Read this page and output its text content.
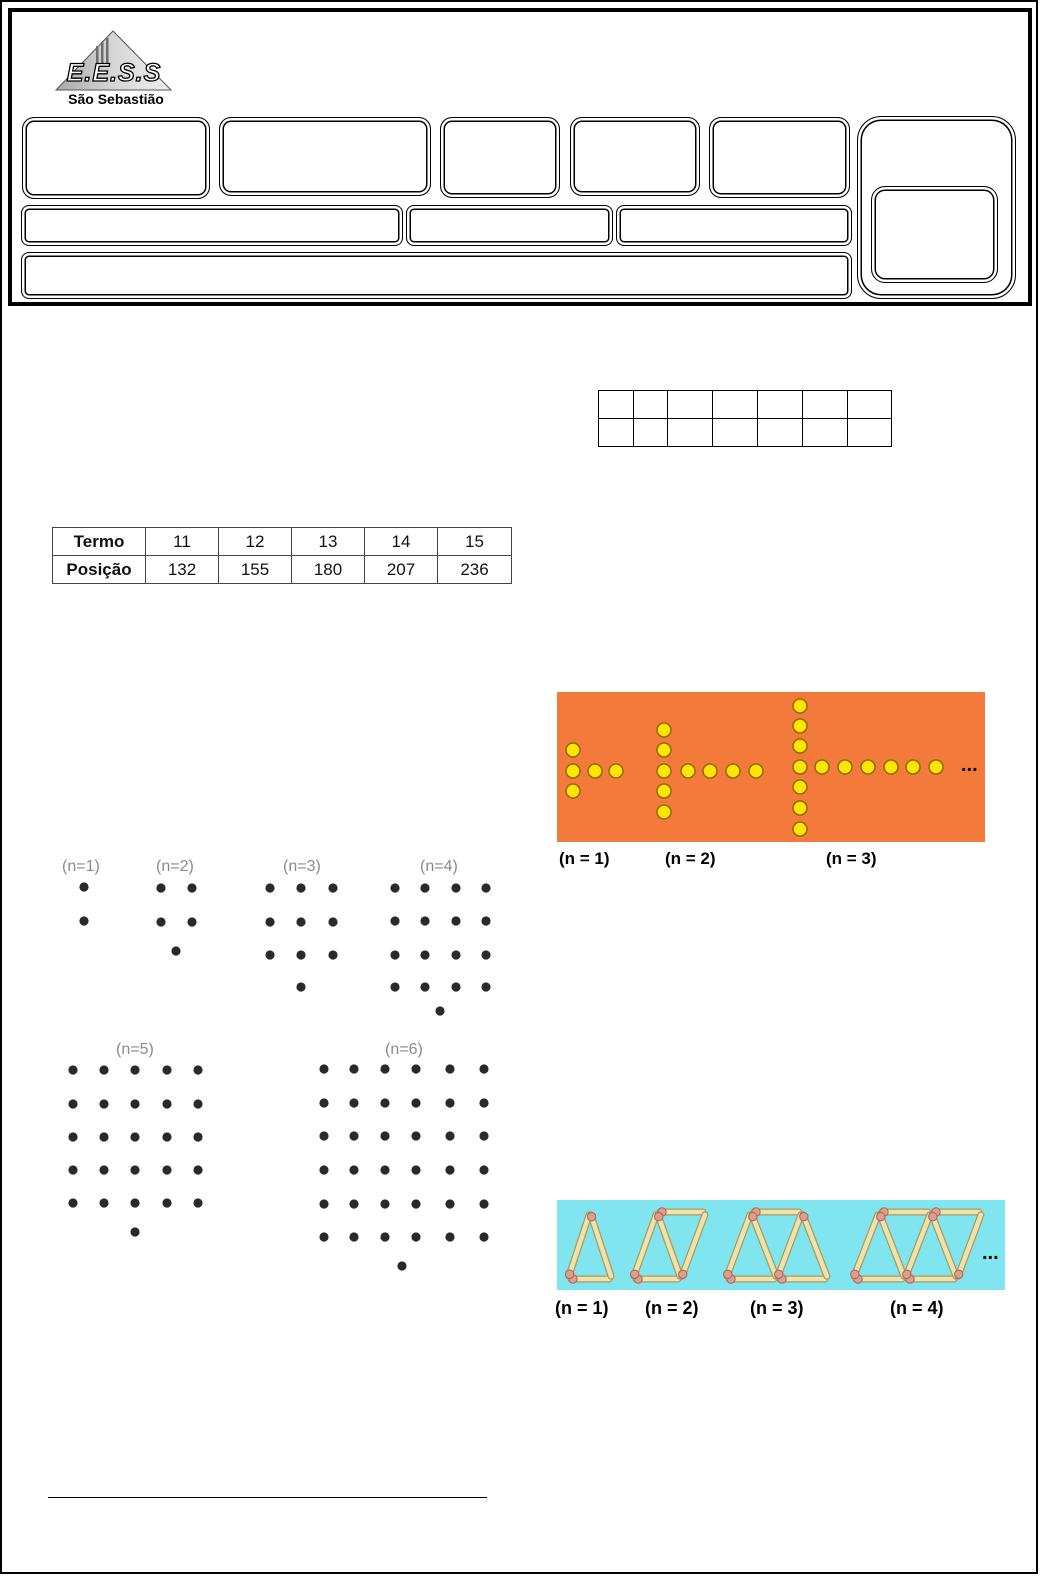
E.E.S.S
São Sebastião

Termo	11	12	13	14	15
Posição	132	155	180	207	236
(n=1)	(n=2)	(n=3)	(n=4)
(n=5)	(n=6)
...
(n = 1)	(n = 2)	(n = 3)
...
(n = 1) (n = 2)	(n = 3)	(n = 4)
